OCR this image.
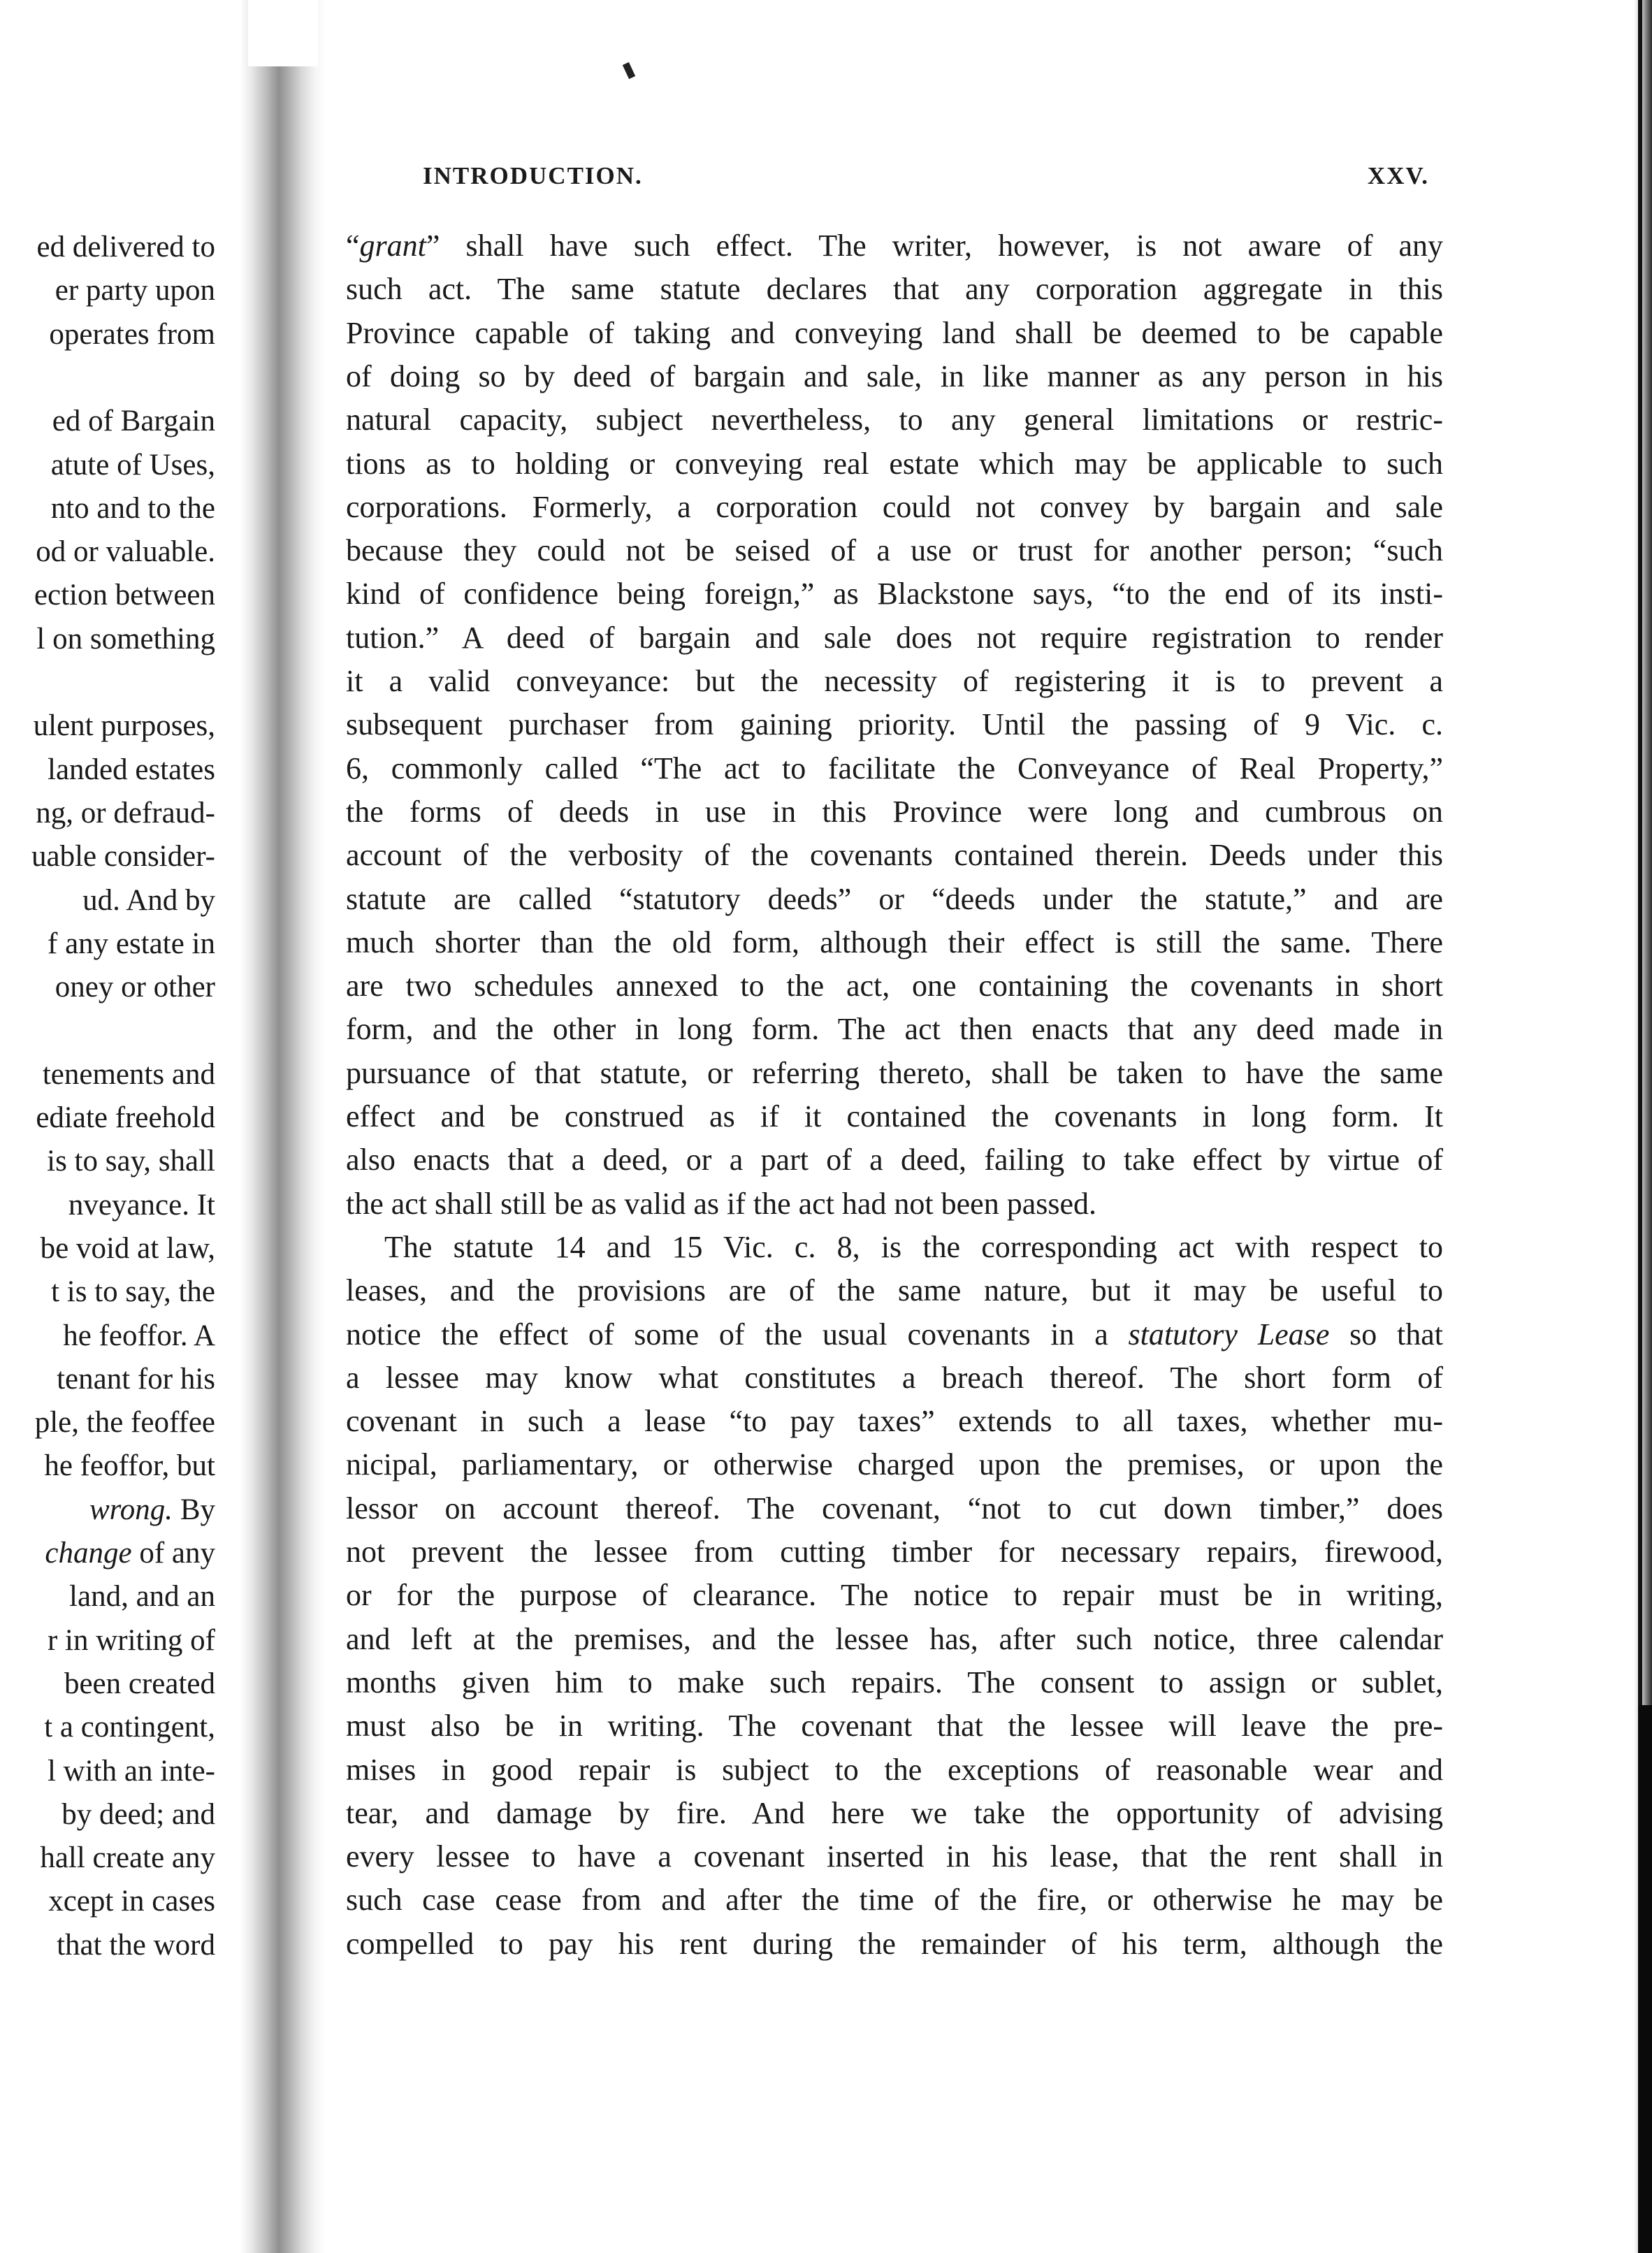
ed delivered to
er party upon
operates from
ed of Bargain
atute of Uses,
nto and to the
od or valuable.
ection between
l on something
ulent purposes,
landed estates
ng, or defraud-
uable consider-
ud. And by
f any estate in
oney or other
tenements and
ediate freehold
is to say, shall
nveyance. It
be void at law,
t is to say, the
he feoffor. A
tenant for his
ple, the feoffee
he feoffor, but
wrong. By
change of any
land, and an
r in writing of
been created
t a contingent,
l with an inte-
by deed; and
hall create any
xcept in cases
that the word
INTRODUCTION.	XXV.
“grant” shall have such effect. The writer, however, is not aware of any
such act. The same statute declares that any corporation aggregate in this
Province capable of taking and conveying land shall be deemed to be capable
of doing so by deed of bargain and sale, in like manner as any person in his
natural capacity, subject nevertheless, to any general limitations or restric-
tions as to holding or conveying real estate which may be applicable to such
corporations. Formerly, a corporation could not convey by bargain and sale
because they could not be seised of a use or trust for another person; “such
kind of confidence being foreign,” as Blackstone says, “to the end of its insti-
tution.” A deed of bargain and sale does not require registration to render
it a valid conveyance: but the necessity of registering it is to prevent a
subsequent purchaser from gaining priority. Until the passing of 9 Vic. c.
6, commonly called “The act to facilitate the Conveyance of Real Property,”
the forms of deeds in use in this Province were long and cumbrous on
account of the verbosity of the covenants contained therein. Deeds under this
statute are called “statutory deeds” or “deeds under the statute,” and are
much shorter than the old form, although their effect is still the same. There
are two schedules annexed to the act, one containing the covenants in short
form, and the other in long form. The act then enacts that any deed made in
pursuance of that statute, or referring thereto, shall be taken to have the same
effect and be construed as if it contained the covenants in long form. It
also enacts that a deed, or a part of a deed, failing to take effect by virtue of
the act shall still be as valid as if the act had not been passed.
The statute 14 and 15 Vic. c. 8, is the corresponding act with respect to
leases, and the provisions are of the same nature, but it may be useful to
notice the effect of some of the usual covenants in a statutory Lease so that
a lessee may know what constitutes a breach thereof. The short form of
covenant in such a lease “to pay taxes” extends to all taxes, whether mu-
nicipal, parliamentary, or otherwise charged upon the premises, or upon the
lessor on account thereof. The covenant, “not to cut down timber,” does
not prevent the lessee from cutting timber for necessary repairs, firewood,
or for the purpose of clearance. The notice to repair must be in writing,
and left at the premises, and the lessee has, after such notice, three calendar
months given him to make such repairs. The consent to assign or sublet,
must also be in writing. The covenant that the lessee will leave the pre-
mises in good repair is subject to the exceptions of reasonable wear and
tear, and damage by fire. And here we take the opportunity of advising
every lessee to have a covenant inserted in his lease, that the rent shall in
such case cease from and after the time of the fire, or otherwise he may be
compelled to pay his rent during the remainder of his term, although the
